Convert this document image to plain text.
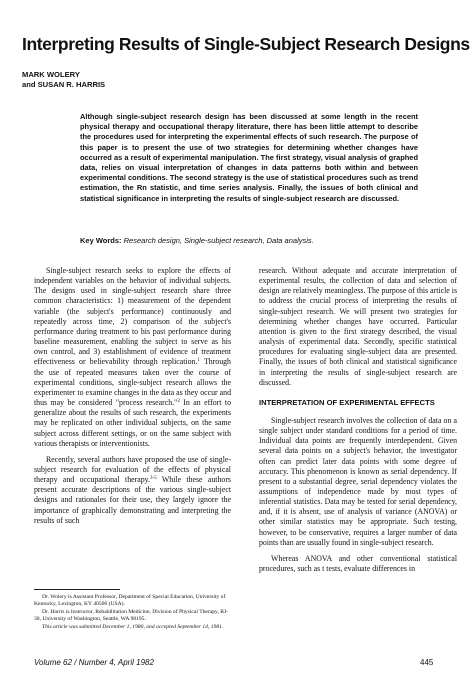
Interpreting Results of Single-Subject Research Designs
MARK WOLERY
and SUSAN R. HARRIS

Although single-subject research design has been discussed at some length in the recent physical therapy and occupational therapy literature, there has been little attempt to describe the procedures used for interpreting the experimental effects of such research. The purpose of this paper is to present the use of two strategies for determining whether changes have occurred as a result of experimental manipulation. The first strategy, visual analysis of graphed data, relies on visual interpretation of changes in data patterns both within and between experimental conditions. The second strategy is the use of statistical procedures such as trend estimation, the Rn statistic, and time series analysis. Finally, the issues of both clinical and statistical significance in interpreting the results of single-subject research are discussed.

Key Words: Research design, Single-subject research, Data analysis.

Single-subject research seeks to explore the effects of independent variables on the behavior of individual subjects. The designs used in single-subject research share three common characteristics: 1) measurement of the dependent variable (the subject's performance) continuously and repeatedly across time, 2) comparison of the subject's performance during treatment to his past performance during baseline measurement, enabling the subject to serve as his own control, and 3) establishment of evidence of treatment effectiveness or believability through replication.$^1$ Through the use of repeated measures taken over the course of experimental conditions, single-subject research allows the experimenter to examine changes in the data as they occur and thus may be considered "process research."$^2$ In an effort to generalize about the results of such research, the experiments may be replicated on other individual subjects, on the same subject across different settings, or on the same subject with various therapists or interventionists.

Recently, several authors have proposed the use of single-subject research for evaluation of the effects of physical therapy and occupational therapy.$^{3-5}$ While these authors present accurate descriptions of the various single-subject designs and rationales for their use, they largely ignore the importance of graphically demonstrating and interpreting the results of such

Dr. Wolery is Assistant Professor, Department of Special Education, University of Kentucky, Lexington, KY 40506 (USA).

Dr. Harris is Instructor, Rehabilitation Medicine, Division of Physical Therapy, RJ-30, University of Washington, Seattle, WA 98195.

This article was submitted December 1, 1980, and accepted September 14, 1981.

research. Without adequate and accurate interpretation of experimental results, the collection of data and selection of design are relatively meaningless. The purpose of this article is to address the crucial process of interpreting the results of single-subject research. We will present two strategies for determining whether changes have occurred. Particular attention is given to the first strategy described, the visual analysis of experimental data. Secondly, specific statistical procedures for evaluating single-subject data are presented. Finally, the issues of both clinical and statistical significance in interpreting the results of single-subject research are discussed.

INTERPRETATION OF EXPERIMENTAL EFFECTS

Single-subject research involves the collection of data on a single subject under standard conditions for a period of time. Individual data points are frequently interdependent. Given several data points on a subject's behavior, the investigator often can predict later data points with some degree of accuracy. This phenomenon is known as serial dependency. If present to a substantial degree, serial dependency violates the assumptions of independence made by most types of inferential statistics. Data may be tested for serial dependency, and, if it is absent, use of analysis of variance (ANOVA) or other similar statistics may be appropriate. Such testing, however, to be conservative, requires a larger number of data points than are usually found in single-subject research.

Whereas ANOVA and other conventional statistical procedures, such as t tests, evaluate differences in

Volume 62 / Number 4, April 1982	445
